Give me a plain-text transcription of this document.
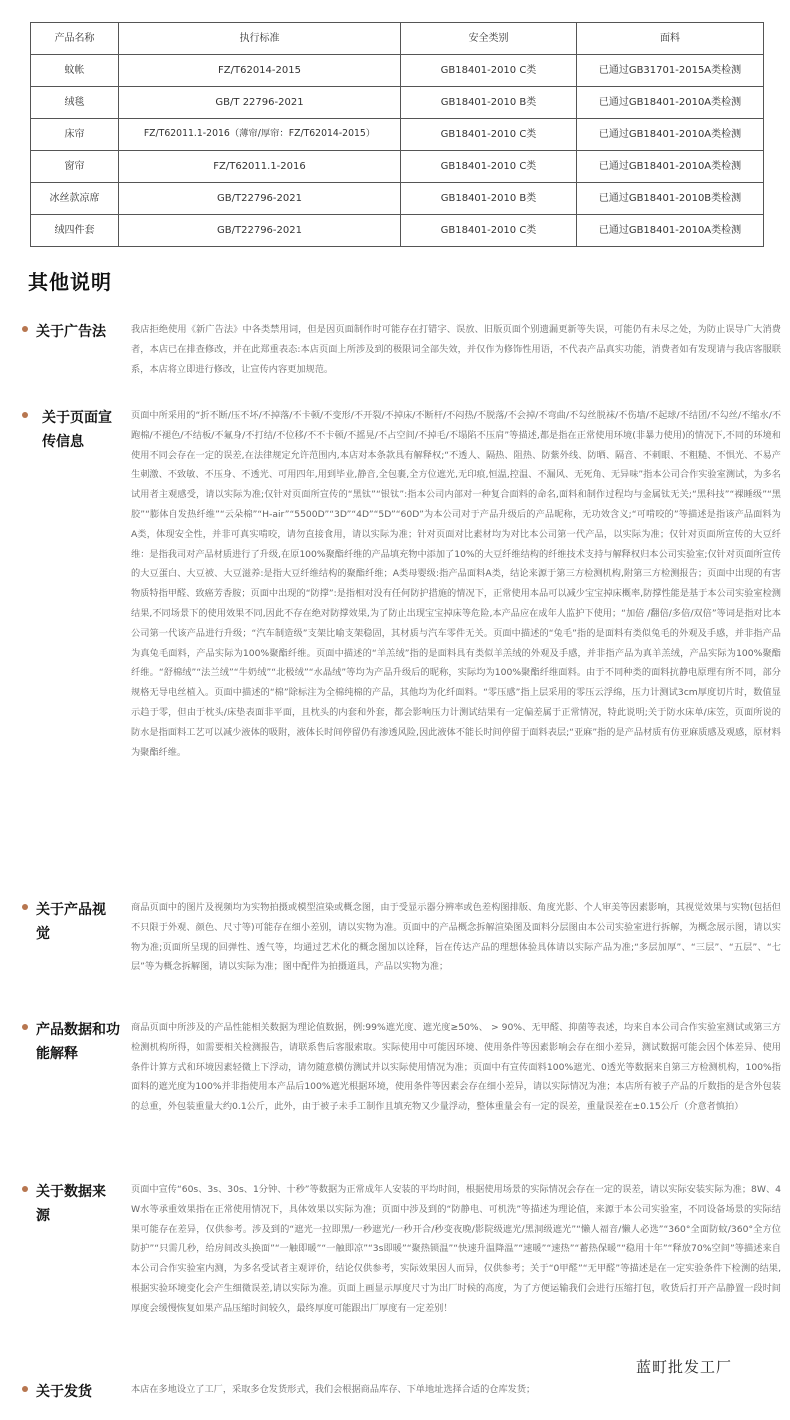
产品名称	执行标准	安全类别	面料
蚊帐	FZ/T62014-2015	GB18401-2010 C类	已通过GB31701-2015A类检测
绒毯	GB/T 22796-2021	GB18401-2010 B类	已通过GB18401-2010A类检测
床帘	FZ/T62011.1-2016（薄帘/厚帘：FZ/T62014-2015）	GB18401-2010 C类	已通过GB18401-2010A类检测
窗帘	FZ/T62011.1-2016	GB18401-2010 C类	已通过GB18401-2010A类检测
冰丝款凉席	GB/T22796-2021	GB18401-2010 B类	已通过GB18401-2010B类检测
绒四件套	GB/T22796-2021	GB18401-2010 C类	已通过GB18401-2010A类检测
其他说明
关于广告法	我店拒绝使用《新广告法》中各类禁用词，但是因页面制作时可能存在打错字、误放、旧版页面个别遗漏更新等失误，可能仍有未尽之处，为防止误导广大消费者，本店已在排查修改，并在此郑重表态:本店页面上所涉及到的极限词全部失效，并仅作为修饰性用语，不代表产品真实功能，消费者如有发现请与我店客服联系，本店将立即进行修改，让宣传内容更加规范。

关于页面宣传信息

页面中所采用的“折不断/压不坏/不掉落/不卡顿/不变形/不开裂/不掉床/不断杆/不闷热/不脱落/不会掉/不弯曲/不勾丝脱袜/不伤墙/不起球/不结团/不勾丝/不缩水/不跑棉/不褪色/不结板/不氟身/不打结/不位移/不不卡顿/不摇晃/不占空间/不掉毛/不塌陷不压肩”等描述,都是指在正常使用环境(非暴力使用)的情况下,不同的环境和使用不同会存在一定的误差,在法律规定允许范围内,本店对本条款具有解释权;“不透人、隔热、阻热、防紫外线、防晒、隔音、不刺眼、不粗糙、不惧光、不易产生刺激、不致敏、不压身、不透光、可用四年,用到毕业,静音,全包裹,全方位遮光,无印痕,恒温,控温、不漏风、无死角、无异味”指本公司合作实验室测试，为多名试用者主观感受，请以实际为准;仅针对页面所宣传的“黑钛”“银钛”:指本公司内部对一种复合面料的命名,面料和制作过程均与金属钛无关;“黑科技”“裸睡级”“黑胶”“膨体自发热纤维”“云朵棉”“H-air”“5500D”“3D”“4D”“5D”“60D”为本公司对于产品升级后的产品昵称，无功效含义;“可啃咬的”等描述是指该产品面料为A类，体现安全性，并非可真实啃咬，请勿直接食用，请以实际为准；针对页面对比素材均为对比本公司第一代产品，以实际为准；仅针对页面所宣传的大豆纤维：是指我司对产品材质进行了升级,在原100%聚酯纤维的产品填充物中添加了10%的大豆纤维结构的纤维技术支持与解释权归本公司实验室;仅针对页面所宣传的大豆蛋白、大豆被、大豆滋养:是指大豆纤维结构的聚酯纤维；A类母婴级:指产品面料A类，结论来源于第三方检测机构,附第三方检测报告；页面中出现的有害物质特指甲醛、致癌芳香胺；页面中出现的“防撑”:是指相对没有任何防护措施的情况下，正常使用本品可以减少宝宝掉床概率,防撑性能是基于本公司实验室检测结果,不同场景下的使用效果不同,因此不存在绝对防撑效果,为了防止出现宝宝掉床等危险,本产品应在成年人监护下使用；“加倍 /翻倍/多倍/双倍”等词是指对比本公司第一代该产品进行升级；“汽车制造级”支架比喻支架稳固，其材质与汽车零件无关。页面中描述的“兔毛”指的是面料有类似兔毛的外观及手感，并非指产品为真兔毛面料，产品实际为100%聚酯纤维。页面中描述的“羊羔绒”指的是面料具有类似羊羔绒的外观及手感，并非指产品为真羊羔绒，产品实际为100%聚酯纤维。“舒棉绒”“法兰绒”“牛奶绒”“北极绒”“水晶绒”等均为产品升级后的昵称，实际均为100%聚酯纤维面料。由于不同种类的面料抗静电原理有所不同，部分规格无导电丝植入。页面中描述的“棉”除标注为全棉纯棉的产品，其他均为化纤面料。“零压感”指上层采用的零压云浮绵，压力计测试3cm厚度切片时，数值显示趋于零，但由于枕头/床垫表面非平面，且枕头的内套和外套，都会影响压力计测试结果有一定偏差属于正常情况，特此说明;关于防水床单/床笠，页面所说的防水是指面料工艺可以减少液体的吸附，液体长时间停留仍有渗透风险,因此液体不能长时间停留于面料表层;“亚麻”指的是产品材质有仿亚麻质感及观感，原材料为聚酯纤维。

关于产品视觉

商品页面中的图片及视频均为实物拍摄或模型渲染或概念图，由于受显示器分辨率或色差构图排版、角度光影、个人审美等因素影响，其视觉效果与实物(包括但不只限于外观、颜色、尺寸等)可能存在细小差别，请以实物为准。页面中的产品概念拆解渲染图及面料分层图由本公司实验室进行拆解，为概念展示图，请以实物为准;页面所呈现的回弹性、透气等，均通过艺术化的概念图加以诠释，旨在传达产品的理想体验具体请以实际产品为准;“多层加厚”、“三层”、“五层”、“七层”等为概念拆解图，请以实际为准；图中配件为拍摄道具，产品以实物为准；

产品数据和功能解释

商品页面中所涉及的产品性能相关数据为理论值数据，例:99%遮光度、遮光度≥50%、 > 90%、无甲醛、抑菌等表述，均来自本公司合作实验室测试或第三方检测机构所得，如需要相关检测报告，请联系售后客服索取。实际使用中可能因环境、使用条件等因素影响会存在细小差异，测试数据可能会因个体差异、使用条件计算方式和环境因素轻微上下浮动，请勿随意横仿测试并以实际使用情况为准；页面中有宣传面料100%遮光、0透光等数据来自第三方检测机构，100%指面料的遮光度为100%并非指使用本产品后100%遮光根据环境，使用条件等因素会存在细小差异，请以实际情况为准；本店所有被子产品的斤数指的是含外包装的总重，外包装重量大约0.1公斤，此外，由于被子未手工制作且填充物又少量浮动，整体重量会有一定的误差，重量误差在±0.15公斤（介意者慎拍）

关于数据来源

页面中宣传“60s、3s、30s、1分钟、十秒”等数据为正常成年人安装的平均时间，根据使用场景的实际情况会存在一定的误差，请以实际安装实际为准；8W、4W水等承重效果指在正常使用情况下，具体效果以实际为准；页面中涉及到的“防静电、可机洗”等描述为理论值，来源于本公司实验室，不同设备场景的实际结果可能存在差异，仅供参考。涉及到的“遮光一拉即黑/一秒遮光/一秒开合/秒变夜晚/影院级遮光/黑洞级遮光”“懒人福音/懒人必选”“360°全面防蚊/360°全方位防护”“只需几秒，给房间改头换面”“一触即暖”“一触即凉”“3s即暖”“聚热锁温”“快速升温降温”“速暖”“速热”“蓄热保暖”“稳用十年”“释放70%空间”等描述来自本公司合作实验室内测，为多名受试者主观评价，结论仅供参考，实际效果因人而异，仅供参考；关于“0甲醛”“无甲醛”等描述是在一定实验条件下检测的结果,根据实验环境变化会产生细微误差,请以实际为准。页面上画显示厚度尺寸为出厂时候的高度，为了方便运输我们会进行压缩打包，收货后打开产品静置一段时间厚度会缓慢恢复如果产品压缩时间较久，最终厚度可能跟出厂厚度有一定差别！

蓝町批发工厂
关于发货	本店在多地设立了工厂，采取多仓发货形式，我们会根据商品库存、下单地址选择合适的仓库发货；
